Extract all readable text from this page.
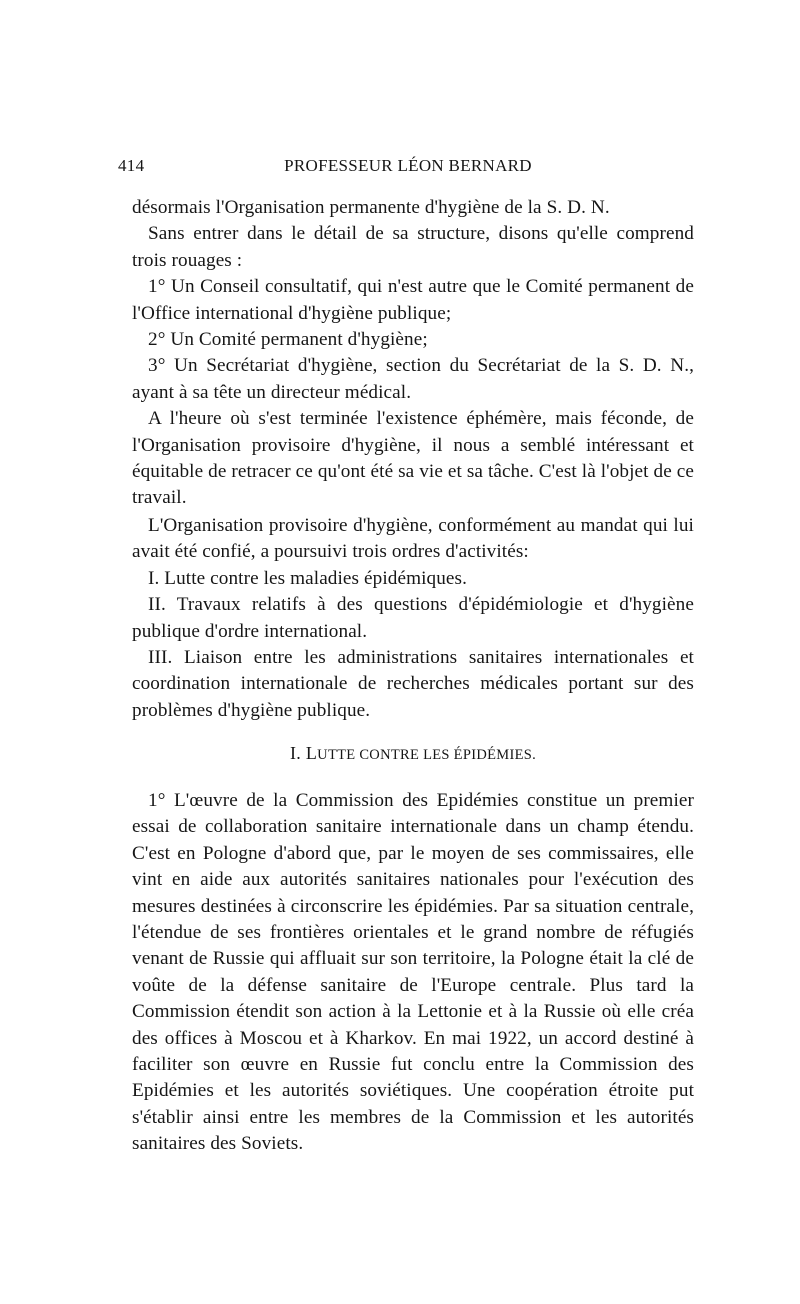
414	PROFESSEUR LÉON BERNARD

désormais l'Organisation permanente d'hygiène de la S. D. N.

Sans entrer dans le détail de sa structure, disons qu'elle comprend trois rouages :

1° Un Conseil consultatif, qui n'est autre que le Comité permanent de l'Office international d'hygiène publique;

2° Un Comité permanent d'hygiène;

3° Un Secrétariat d'hygiène, section du Secrétariat de la S. D. N., ayant à sa tête un directeur médical.

A l'heure où s'est terminée l'existence éphémère, mais féconde, de l'Organisation provisoire d'hygiène, il nous a semblé intéressant et équitable de retracer ce qu'ont été sa vie et sa tâche. C'est là l'objet de ce travail.

L'Organisation provisoire d'hygiène, conformément au mandat qui lui avait été confié, a poursuivi trois ordres d'activités:

I. Lutte contre les maladies épidémiques.

II. Travaux relatifs à des questions d'épidémiologie et d'hygiène publique d'ordre international.

III. Liaison entre les administrations sanitaires internationales et coordination internationale de recherches médicales portant sur des problèmes d'hygiène publique.

I. LUTTE CONTRE LES ÉPIDÉMIES.

1° L'œuvre de la Commission des Epidémies constitue un premier essai de collaboration sanitaire internationale dans un champ étendu. C'est en Pologne d'abord que, par le moyen de ses commissaires, elle vint en aide aux autorités sanitaires nationales pour l'exécution des mesures destinées à circonscrire les épidémies. Par sa situation centrale, l'étendue de ses frontières orientales et le grand nombre de réfugiés venant de Russie qui affluait sur son territoire, la Pologne était la clé de voûte de la défense sanitaire de l'Europe centrale. Plus tard la Commission étendit son action à la Lettonie et à la Russie où elle créa des offices à Moscou et à Kharkov. En mai 1922, un accord destiné à faciliter son œuvre en Russie fut conclu entre la Commission des Epidémies et les autorités soviétiques. Une coopération étroite put s'établir ainsi entre les membres de la Commission et les autorités sanitaires des Soviets.
